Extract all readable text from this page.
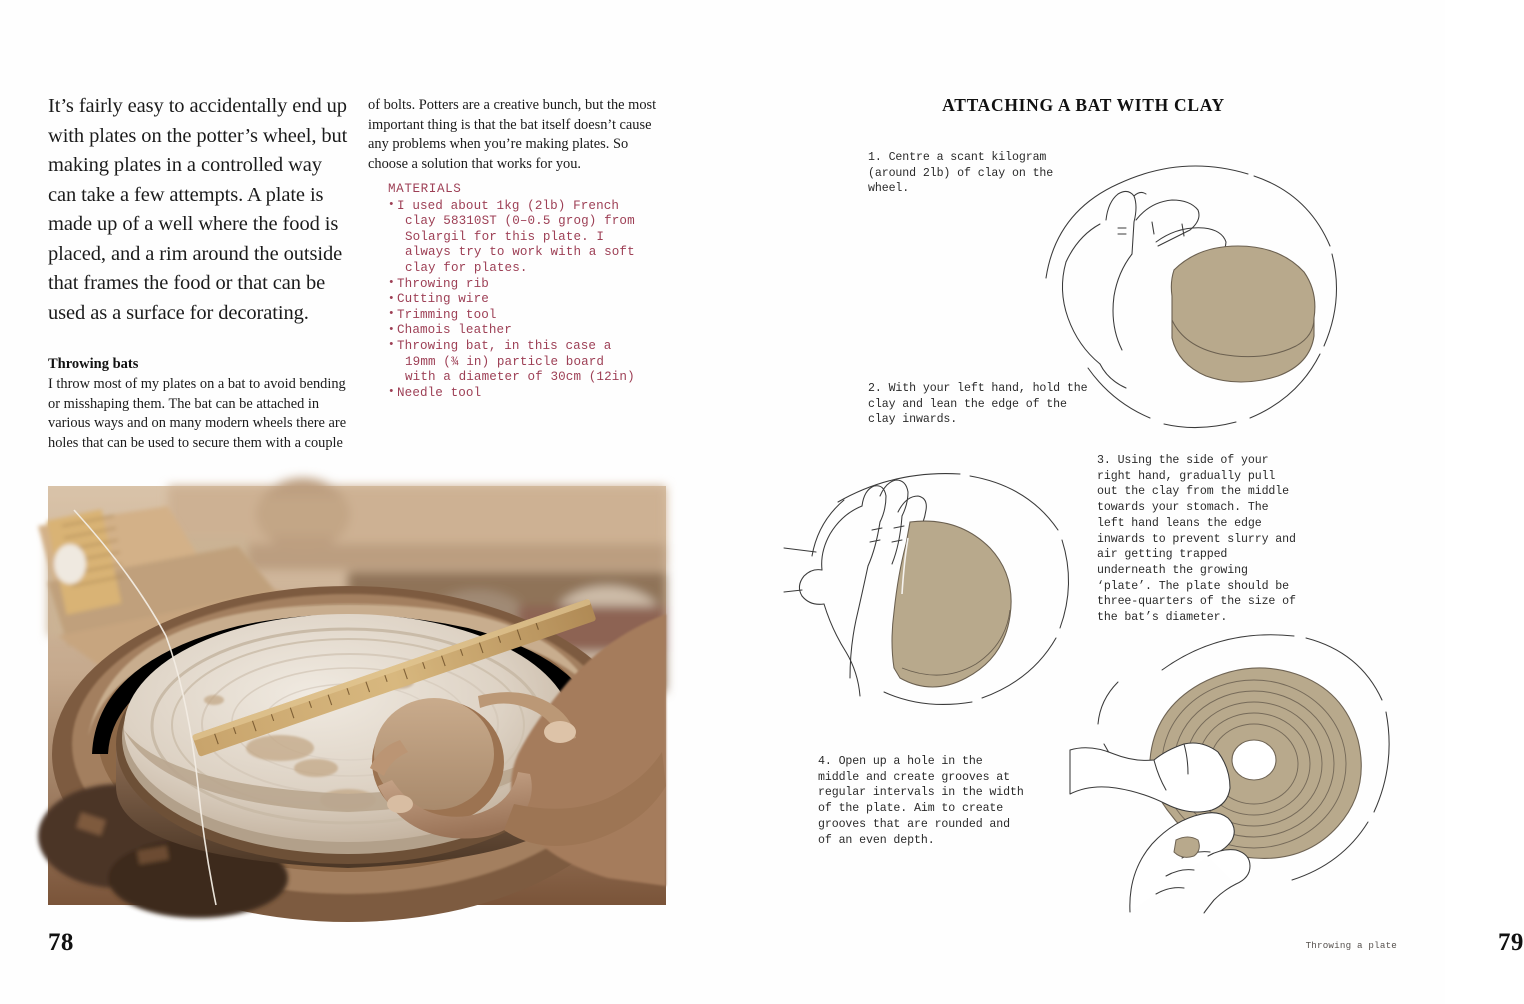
It’s fairly easy to accidentally end up with plates on the potter’s wheel, but making plates in a controlled way can take a few attempts. A plate is made up of a well where the food is placed, and a rim around the outside that frames the food or that can be used as a surface for decorating.

Throwing bats

I throw most of my plates on a bat to avoid bending or misshaping them. The bat can be attached in various ways and on many modern wheels there are holes that can be used to secure them with a couple

of bolts. Potters are a creative bunch, but the most important thing is that the bat itself doesn’t cause any problems when you’re making plates. So choose a solution that works for you.

MATERIALS
• I used about 1kg (2lb) French
clay 58310ST (0–0.5 grog) from
Solargil for this plate. I
always try to work with a soft
clay for plates.
• Throwing rib
• Cutting wire
• Trimming tool
• Chamois leather
• Throwing bat, in this case a
19mm (¾ in) particle board
with a diameter of 30cm (12in)
• Needle tool
78
ATTACHING A BAT WITH CLAY
1. Centre a scant kilogram (around 2lb) of clay on the wheel.
2. With your left hand, hold the clay and lean the edge of the clay inwards.
3. Using the side of your right hand, gradually pull out the clay from the middle towards your stomach. The left hand leans the edge inwards to prevent slurry and air getting trapped underneath the growing ‘plate’. The plate should be three-quarters of the size of the bat’s diameter.
4. Open up a hole in the middle and create grooves at regular intervals in the width of the plate. Aim to create grooves that are rounded and of an even depth.
79
Throwing a plate
